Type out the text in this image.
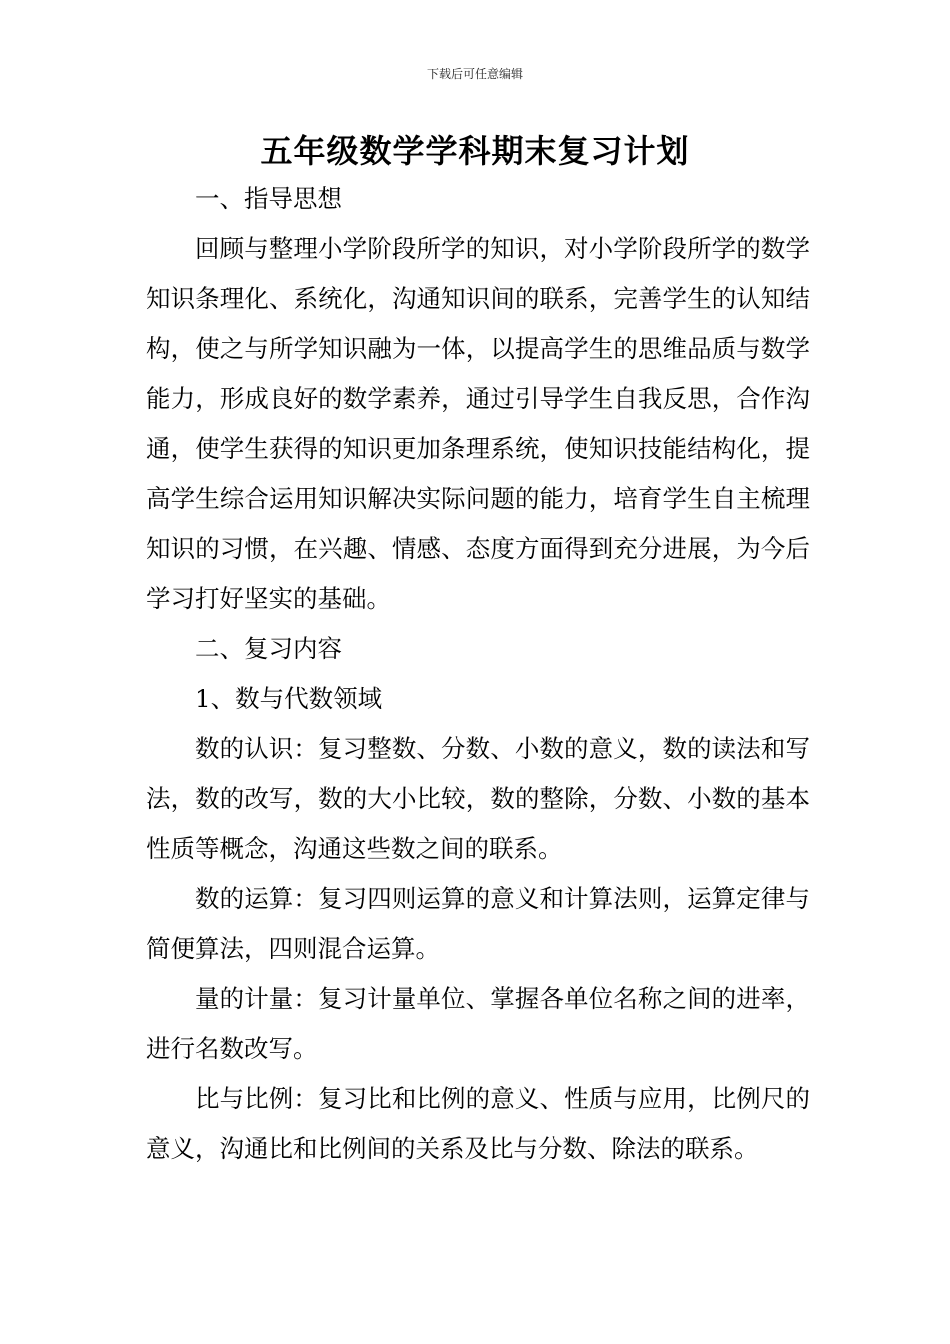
下载后可任意编辑
五年级数学学科期末复习计划

一、指导思想

回顾与整理小学阶段所学的知识，对小学阶段所学的数学知识条理化、系统化，沟通知识间的联系，完善学生的认知结构，使之与所学知识融为一体，以提高学生的思维品质与数学能力，形成良好的数学素养，通过引导学生自我反思，合作沟通，使学生获得的知识更加条理系统，使知识技能结构化，提高学生综合运用知识解决实际问题的能力，培育学生自主梳理知识的习惯，在兴趣、情感、态度方面得到充分进展，为今后学习打好坚实的基础。

二、复习内容

1、数与代数领域

数的认识：复习整数、分数、小数的意义，数的读法和写法，数的改写，数的大小比较，数的整除，分数、小数的基本性质等概念，沟通这些数之间的联系。

数的运算：复习四则运算的意义和计算法则，运算定律与简便算法，四则混合运算。

量的计量：复习计量单位、掌握各单位名称之间的进率，进行名数改写。

比与比例：复习比和比例的意义、性质与应用，比例尺的意义，沟通比和比例间的关系及比与分数、除法的联系。
